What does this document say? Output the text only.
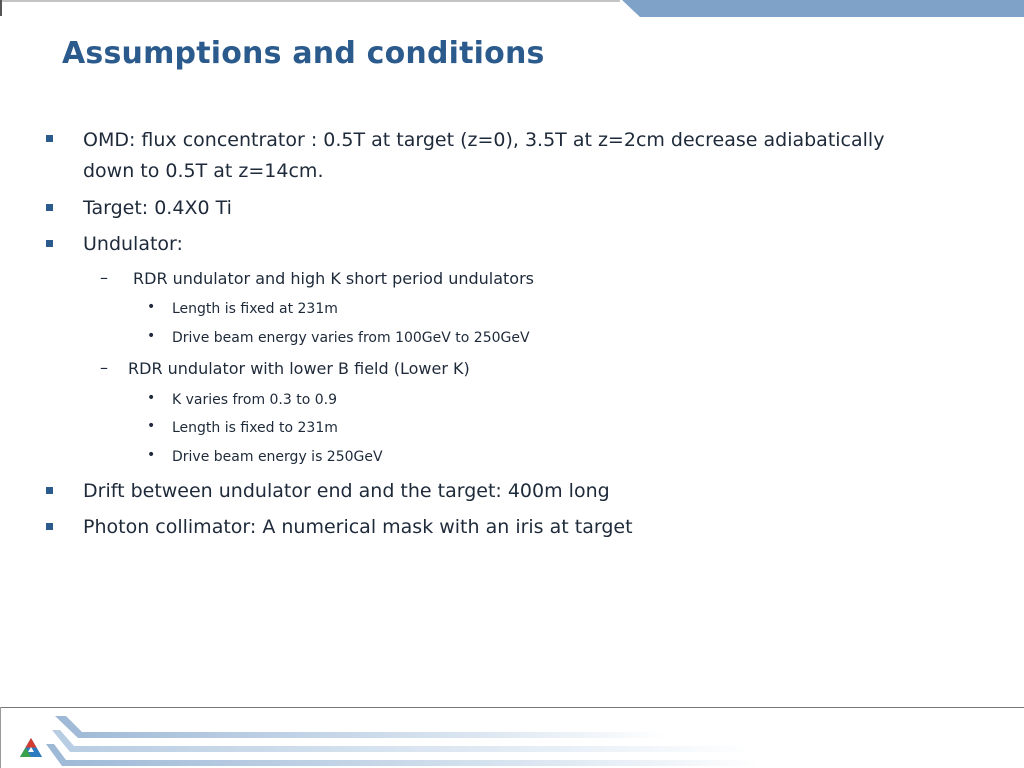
Assumptions and conditions
OMD: flux concentrator : 0.5T at target (z=0), 3.5T at z=2cm decrease adiabatically
down to 0.5T at z=14cm.
Target: 0.4X0 Ti
Undulator:
– RDR undulator and high K short period undulators
• Length is fixed at 231m
• Drive beam energy varies from 100GeV to 250GeV
– RDR undulator with lower B field (Lower K)
• K varies from 0.3 to 0.9
• Length is fixed to 231m
• Drive beam energy is 250GeV
Drift between undulator end and the target: 400m long
Photon collimator: A numerical mask with an iris at target
